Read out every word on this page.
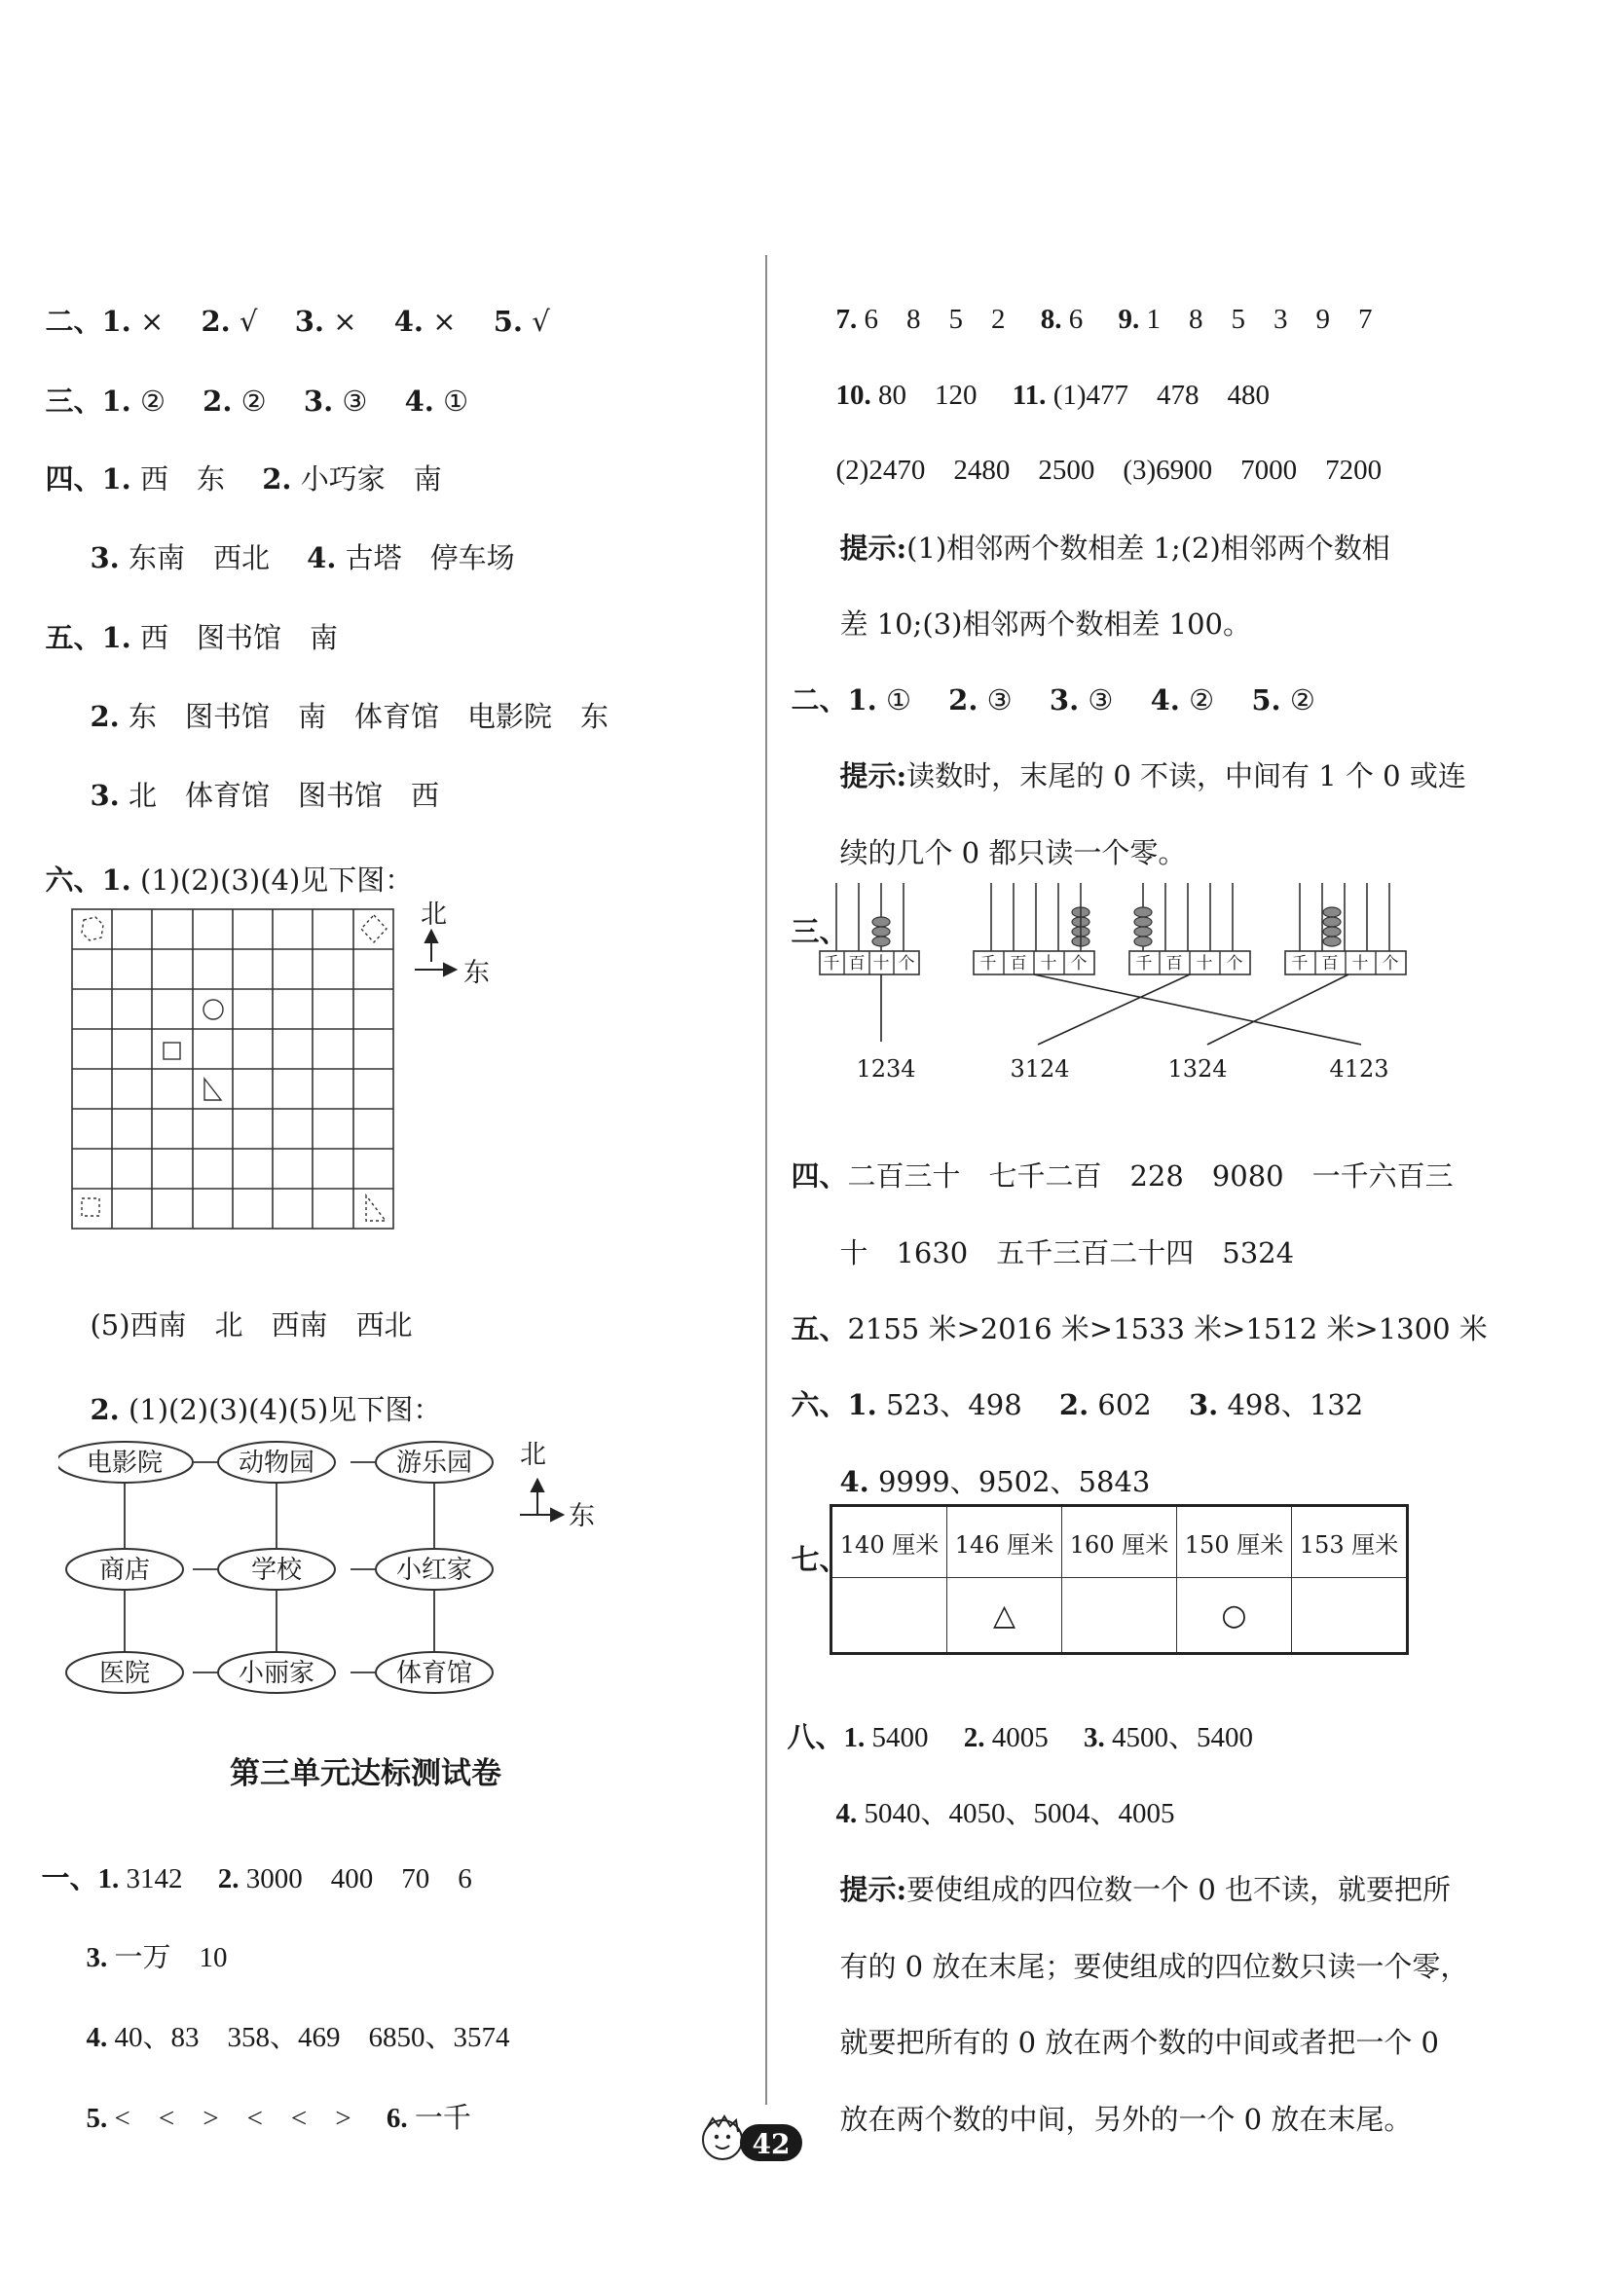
二、1. ×　 2. √　 3. ×　 4. ×　 5. √

三、1. ②　 2. ②　 3. ③　 4. ①

四、1. 西　东　 2. 小巧家　南

3. 东南　西北　 4. 古塔　停车场

五、1. 西　图书馆　南

2. 东　图书馆　南　体育馆　电影院　东

3. 北　体育馆　图书馆　西

六、1. (1)(2)(3)(4)见下图：

北
东

(5)西南　北　西南　西北

2. (1)(2)(3)(4)(5)见下图：

电影院	动物园	游乐园
商店	学校	小红家
医院	小丽家	体育馆
北
东
第三单元达标测试卷

一、1. 3142　 2. 3000　400　70　6

3. 一万　10

4. 40、83　358、469　6850、3574

5. <　<　>　<　<　>　 6. 一千

7. 6　8　5　2　 8. 6　 9. 1　8　5　3　9　7

10. 80　120　 11. (1)477　478　480

(2)2470　2480　2500　(3)6900　7000　7200

提示:(1)相邻两个数相差 1;(2)相邻两个数相

差 10;(3)相邻两个数相差 100。

二、1. ①　 2. ③　 3. ③　 4. ②　 5. ②

提示:读数时，末尾的 0 不读，中间有 1 个 0 或连

续的几个 0 都只读一个零。

三、

千 百 十 个	千 百 十 个	千 百 十 个	千 百 十 个
1234	3124	1324	4123

四、二百三十　七千二百　228　9080　一千六百三

十　1630　五千三百二十四　5324

五、2155 米>2016 米>1533 米>1512 米>1300 米

六、1. 523、498　 2. 602　 3. 498、132

4. 9999、9502、5843

七、

140 厘米	146 厘米	160 厘米	150 厘米	153 厘米
	△		○	

八、1. 5400　 2. 4005　 3. 4500、5400

4. 5040、4050、5004、4005

提示:要使组成的四位数一个 0 也不读，就要把所

有的 0 放在末尾；要使组成的四位数只读一个零，

就要把所有的 0 放在两个数的中间或者把一个 0

放在两个数的中间，另外的一个 0 放在末尾。

42
